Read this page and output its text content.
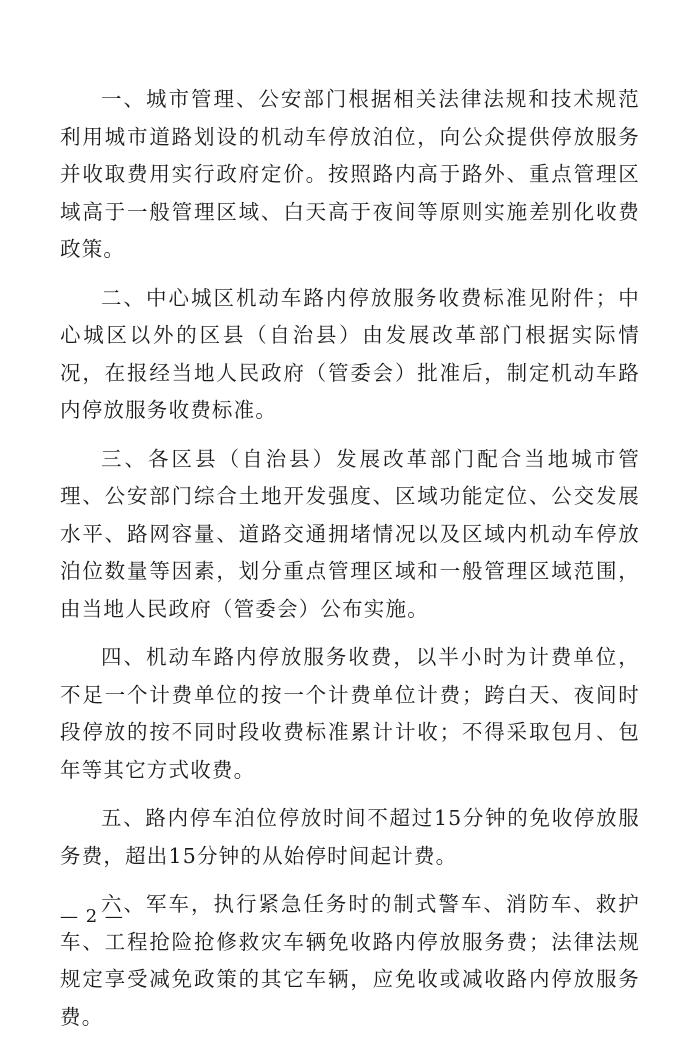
一、城市管理、公安部门根据相关法律法规和技术规范利用城市道路划设的机动车停放泊位，向公众提供停放服务并收取费用实行政府定价。按照路内高于路外、重点管理区域高于一般管理区域、白天高于夜间等原则实施差别化收费政策。

二、中心城区机动车路内停放服务收费标准见附件；中心城区以外的区县（自治县）由发展改革部门根据实际情况，在报经当地人民政府（管委会）批准后，制定机动车路内停放服务收费标准。

三、各区县（自治县）发展改革部门配合当地城市管理、公安部门综合土地开发强度、区域功能定位、公交发展水平、路网容量、道路交通拥堵情况以及区域内机动车停放泊位数量等因素，划分重点管理区域和一般管理区域范围，由当地人民政府（管委会）公布实施。

四、机动车路内停放服务收费，以半小时为计费单位，不足一个计费单位的按一个计费单位计费；跨白天、夜间时段停放的按不同时段收费标准累计计收；不得采取包月、包年等其它方式收费。

五、路内停车泊位停放时间不超过15分钟的免收停放服务费，超出15分钟的从始停时间起计费。

六、军车，执行紧急任务时的制式警车、消防车、救护车、工程抢险抢修救灾车辆免收路内停放服务费；法律法规规定享受减免政策的其它车辆，应免收或减收路内停放服务费。

— 2 —
